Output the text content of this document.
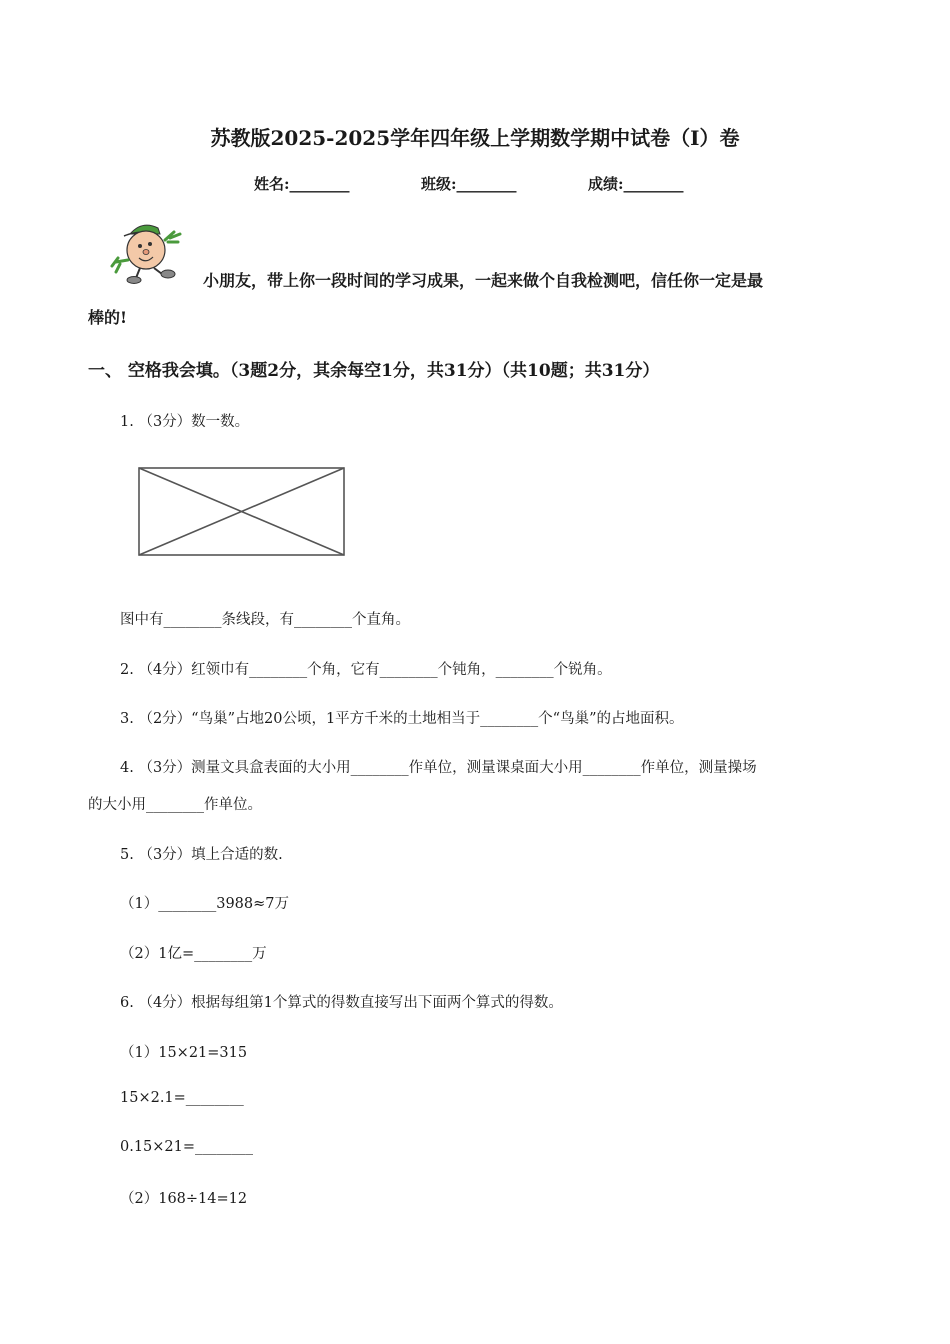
苏教版2025-2025学年四年级上学期数学期中试卷（I）卷
姓名:________	班级:________	成绩:________
小朋友，带上你一段时间的学习成果，一起来做个自我检测吧，信任你一定是最
棒的!
一、 空格我会填。（3题2分，其余每空1分，共31分）（共10题；共31分）
1. （3分）数一数。
图中有________条线段，有________个直角。
2. （4分）红领巾有________个角，它有________个钝角，________个锐角。
3. （2分）“鸟巢”占地20公顷，1平方千米的土地相当于________个“鸟巢”的占地面积。
4. （3分）测量文具盒表面的大小用________作单位，测量课桌面大小用________作单位，测量操场
的大小用________作单位。
5. （3分）填上合适的数.
（1）________3988≈7万
（2）1亿=________万
6. （4分）根据每组第1个算式的得数直接写出下面两个算式的得数。
（1）15×21=315
15×2.1=________
0.15×21=________
（2）168÷14=12
